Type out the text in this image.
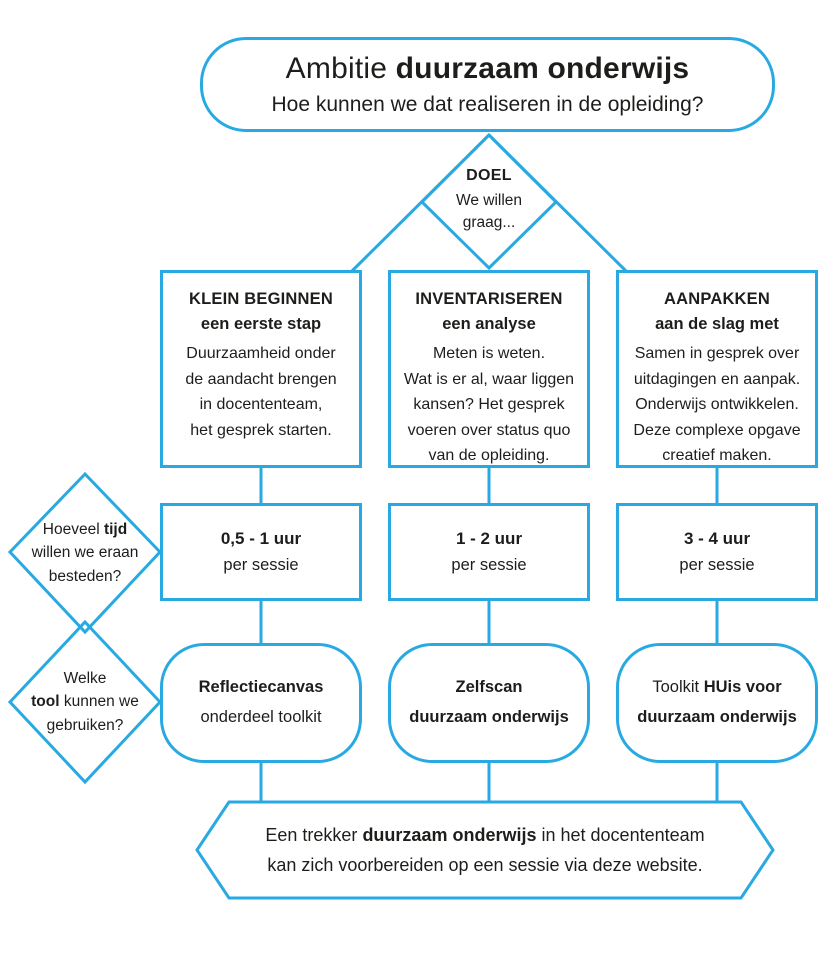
Ambitie duurzaam onderwijs
Hoe kunnen we dat realiseren in de opleiding?
DOEL
We willen graag...
KLEIN BEGINNEN
een eerste stap
Duurzaamheid onder
de aandacht brengen
in docententeam,
het gesprek starten.
INVENTARISEREN
een analyse
Meten is weten.
Wat is er al, waar liggen
kansen? Het gesprek
voeren over status quo
van de opleiding.
AANPAKKEN
aan de slag met
Samen in gesprek over
uitdagingen en aanpak.
Onderwijs ontwikkelen.
Deze complexe opgave
creatief maken.
0,5 - 1 uur
per sessie
1 - 2 uur
per sessie
3 - 4 uur
per sessie
Reflectiecanvas
onderdeel toolkit
Zelfscan
duurzaam onderwijs
Toolkit HUis voor
duurzaam onderwijs
Hoeveel tijd
willen we eraan
besteden?
Welke
tool kunnen we
gebruiken?
Een trekker duurzaam onderwijs in het docententeam
kan zich voorbereiden op een sessie via deze website.
